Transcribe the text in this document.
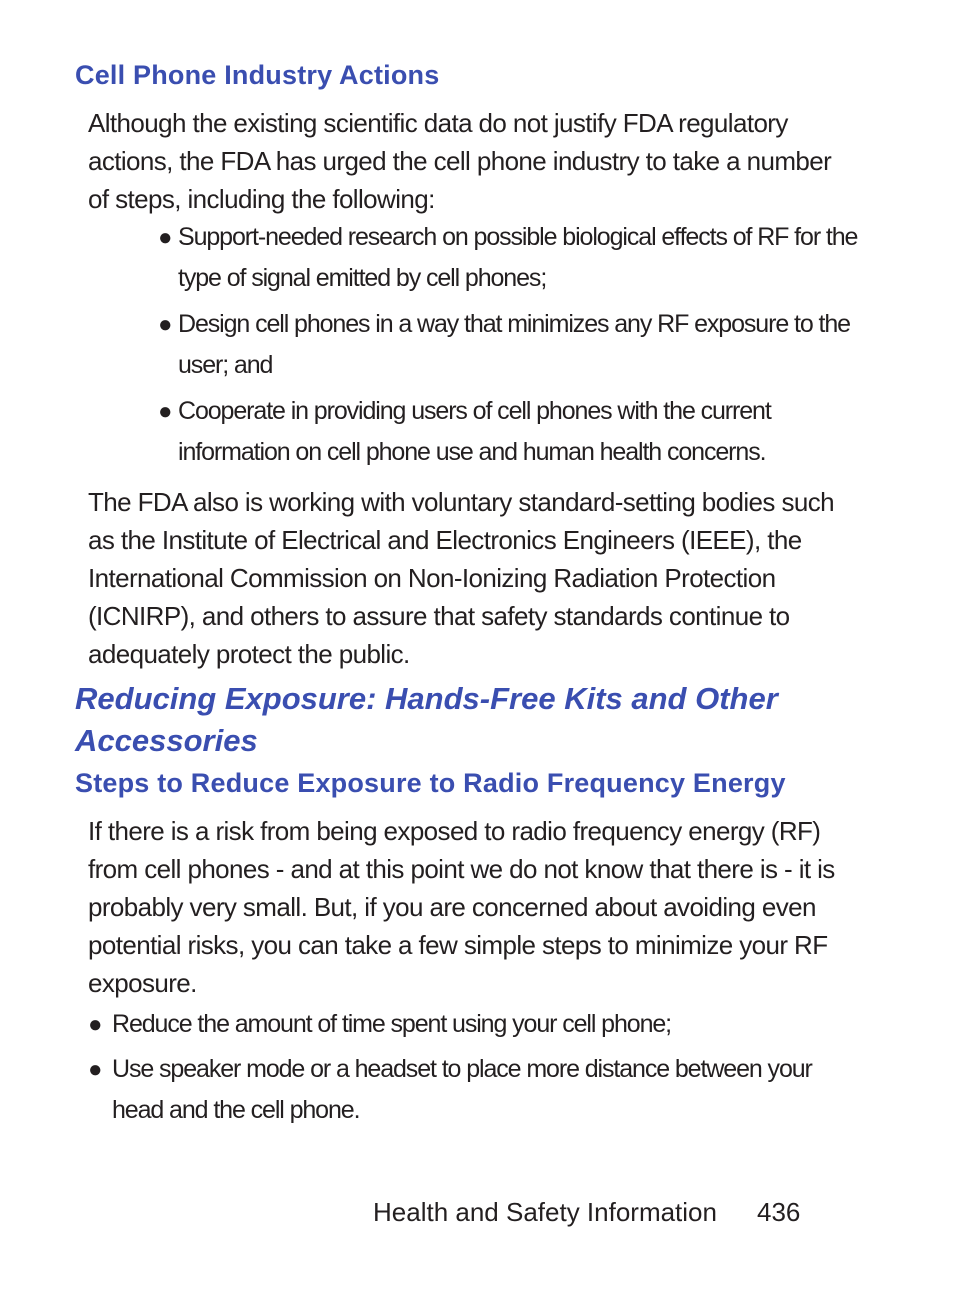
Cell Phone Industry Actions

Although the existing scientific data do not justify FDA regulatory actions, the FDA has urged the cell phone industry to take a number of steps, including the following:

● Support-needed research on possible biological effects of RF for the type of signal emitted by cell phones;
● Design cell phones in a way that minimizes any RF exposure to the user; and
● Cooperate in providing users of cell phones with the current information on cell phone use and human health concerns.

The FDA also is working with voluntary standard-setting bodies such as the Institute of Electrical and Electronics Engineers (IEEE), the International Commission on Non-Ionizing Radiation Protection (ICNIRP), and others to assure that safety standards continue to adequately protect the public.

Reducing Exposure: Hands-Free Kits and Other Accessories
Steps to Reduce Exposure to Radio Frequency Energy

If there is a risk from being exposed to radio frequency energy (RF) from cell phones - and at this point we do not know that there is - it is probably very small. But, if you are concerned about avoiding even potential risks, you can take a few simple steps to minimize your RF exposure.

● Reduce the amount of time spent using your cell phone;
● Use speaker mode or a headset to place more distance between your head and the cell phone.
Health and Safety Information 436
